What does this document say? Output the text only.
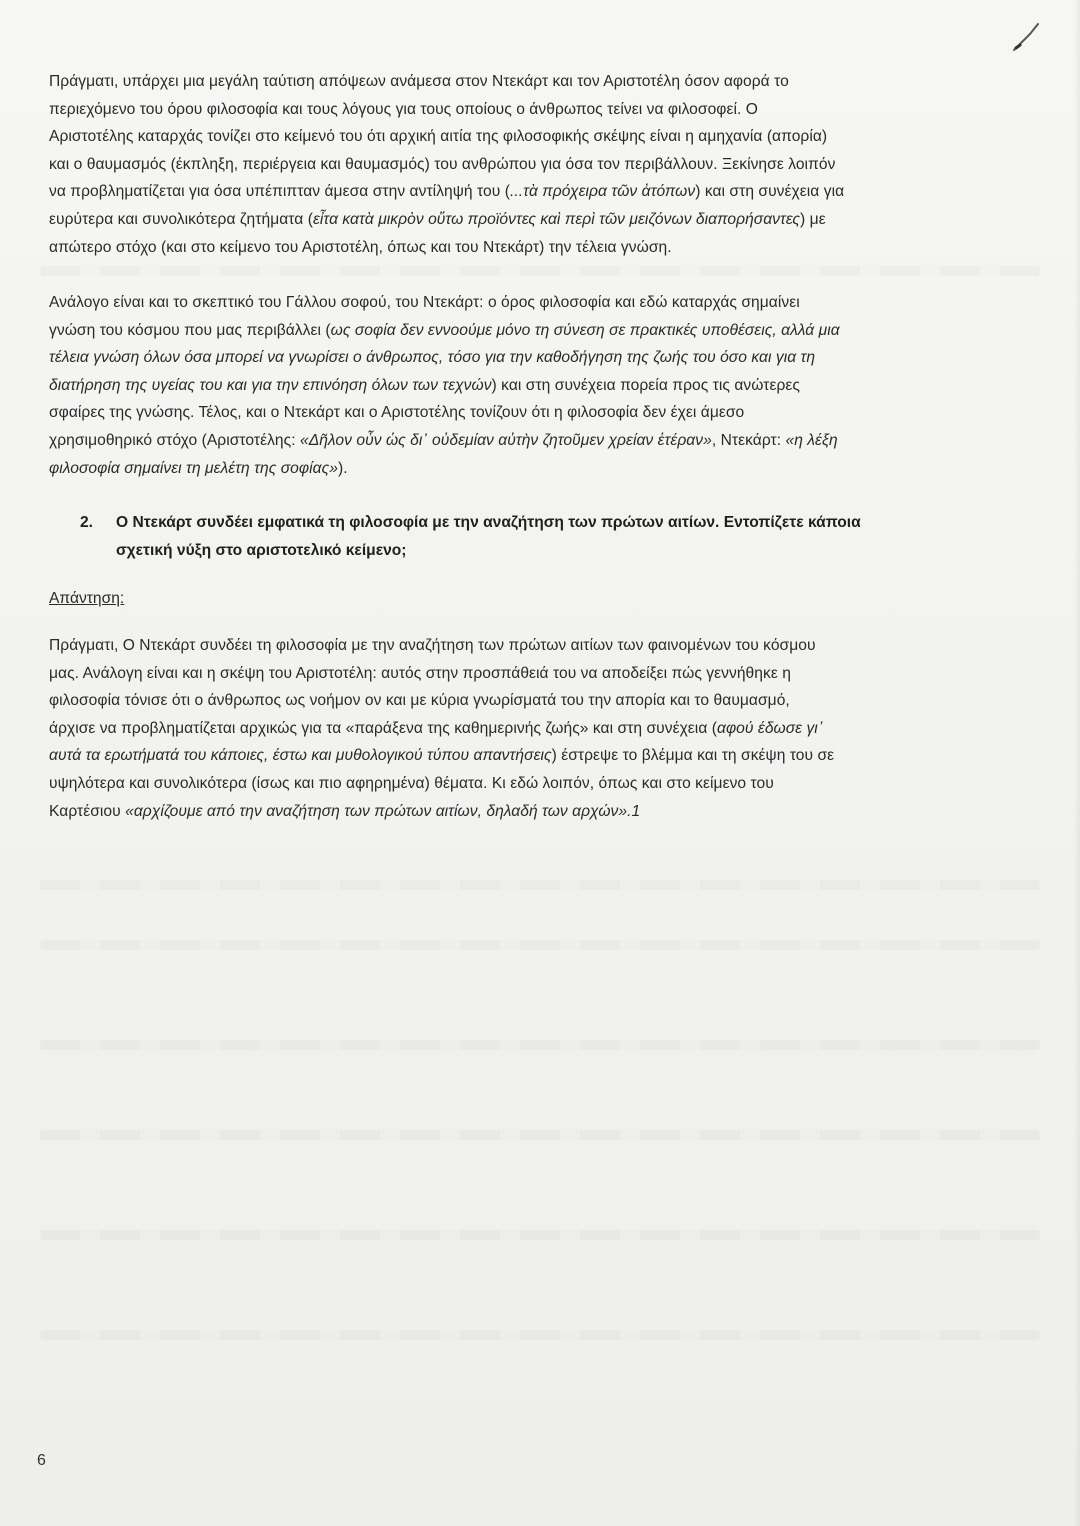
Πράγματι, υπάρχει μια μεγάλη ταύτιση απόψεων ανάμεσα στον Ντεκάρτ και τον Αριστοτέλη όσον αφορά το
περιεχόμενο του όρου φιλοσοφία και τους λόγους για τους οποίους ο άνθρωπος τείνει να φιλοσοφεί. Ο
Αριστοτέλης καταρχάς τονίζει στο κείμενό του ότι αρχική αιτία της φιλοσοφικής σκέψης είναι η αμηχανία (απορία)
και ο θαυμασμός (έκπληξη, περιέργεια και θαυμασμός) του ανθρώπου για όσα τον περιβάλλουν. Ξεκίνησε λοιπόν
να προβληματίζεται για όσα υπέπιπταν άμεσα στην αντίληψή του (...τὰ πρόχειρα τῶν ἀτόπων) και στη συνέχεια για
ευρύτερα και συνολικότερα ζητήματα (εἶτα κατὰ μικρὸν οὕτω προϊόντες καὶ περὶ τῶν μειζόνων διαπορήσαντες) με
απώτερο στόχο (και στο κείμενο του Αριστοτέλη, όπως και του Ντεκάρτ) την τέλεια γνώση.
Ανάλογο είναι και το σκεπτικό του Γάλλου σοφού, του Ντεκάρτ: ο όρος φιλοσοφία και εδώ καταρχάς σημαίνει
γνώση του κόσμου που μας περιβάλλει (ως σοφία δεν εννοούμε μόνο τη σύνεση σε πρακτικές υποθέσεις, αλλά μια
τέλεια γνώση όλων όσα μπορεί να γνωρίσει ο άνθρωπος, τόσο για την καθοδήγηση της ζωής του όσο και για τη
διατήρηση της υγείας του και για την επινόηση όλων των τεχνών) και στη συνέχεια πορεία προς τις ανώτερες
σφαίρες της γνώσης. Τέλος, και ο Ντεκάρτ και ο Αριστοτέλης τονίζουν ότι η φιλοσοφία δεν έχει άμεσο
χρησιμοθηρικό στόχο (Αριστοτέλης: «Δῆλον οὖν ὡς δι᾽ οὐδεμίαν αὐτὴν ζητοῦμεν χρείαν ἑτέραν», Ντεκάρτ: «η λέξη
φιλοσοφία σημαίνει τη μελέτη της σοφίας»).
2. Ο Ντεκάρτ συνδέει εμφατικά τη φιλοσοφία με την αναζήτηση των πρώτων αιτίων. Εντοπίζετε κάποια
σχετική νύξη στο αριστοτελικό κείμενο;
Απάντηση:
Πράγματι, Ο Ντεκάρτ συνδέει τη φιλοσοφία με την αναζήτηση των πρώτων αιτίων των φαινομένων του κόσμου
μας. Ανάλογη είναι και η σκέψη του Αριστοτέλη: αυτός στην προσπάθειά του να αποδείξει πώς γεννήθηκε η
φιλοσοφία τόνισε ότι ο άνθρωπος ως νοήμον ον και με κύρια γνωρίσματά του την απορία και το θαυμασμό,
άρχισε να προβληματίζεται αρχικώς για τα «παράξενα της καθημερινής ζωής» και στη συνέχεια (αφού έδωσε γι᾽
αυτά τα ερωτήματά του κάποιες, έστω και μυθολογικού τύπου απαντήσεις) έστρεψε το βλέμμα και τη σκέψη του σε
υψηλότερα και συνολικότερα (ίσως και πιο αφηρημένα) θέματα. Κι εδώ λοιπόν, όπως και στο κείμενο του
Καρτέσιου «αρχίζουμε από την αναζήτηση των πρώτων αιτίων, δηλαδή των αρχών».1
6
